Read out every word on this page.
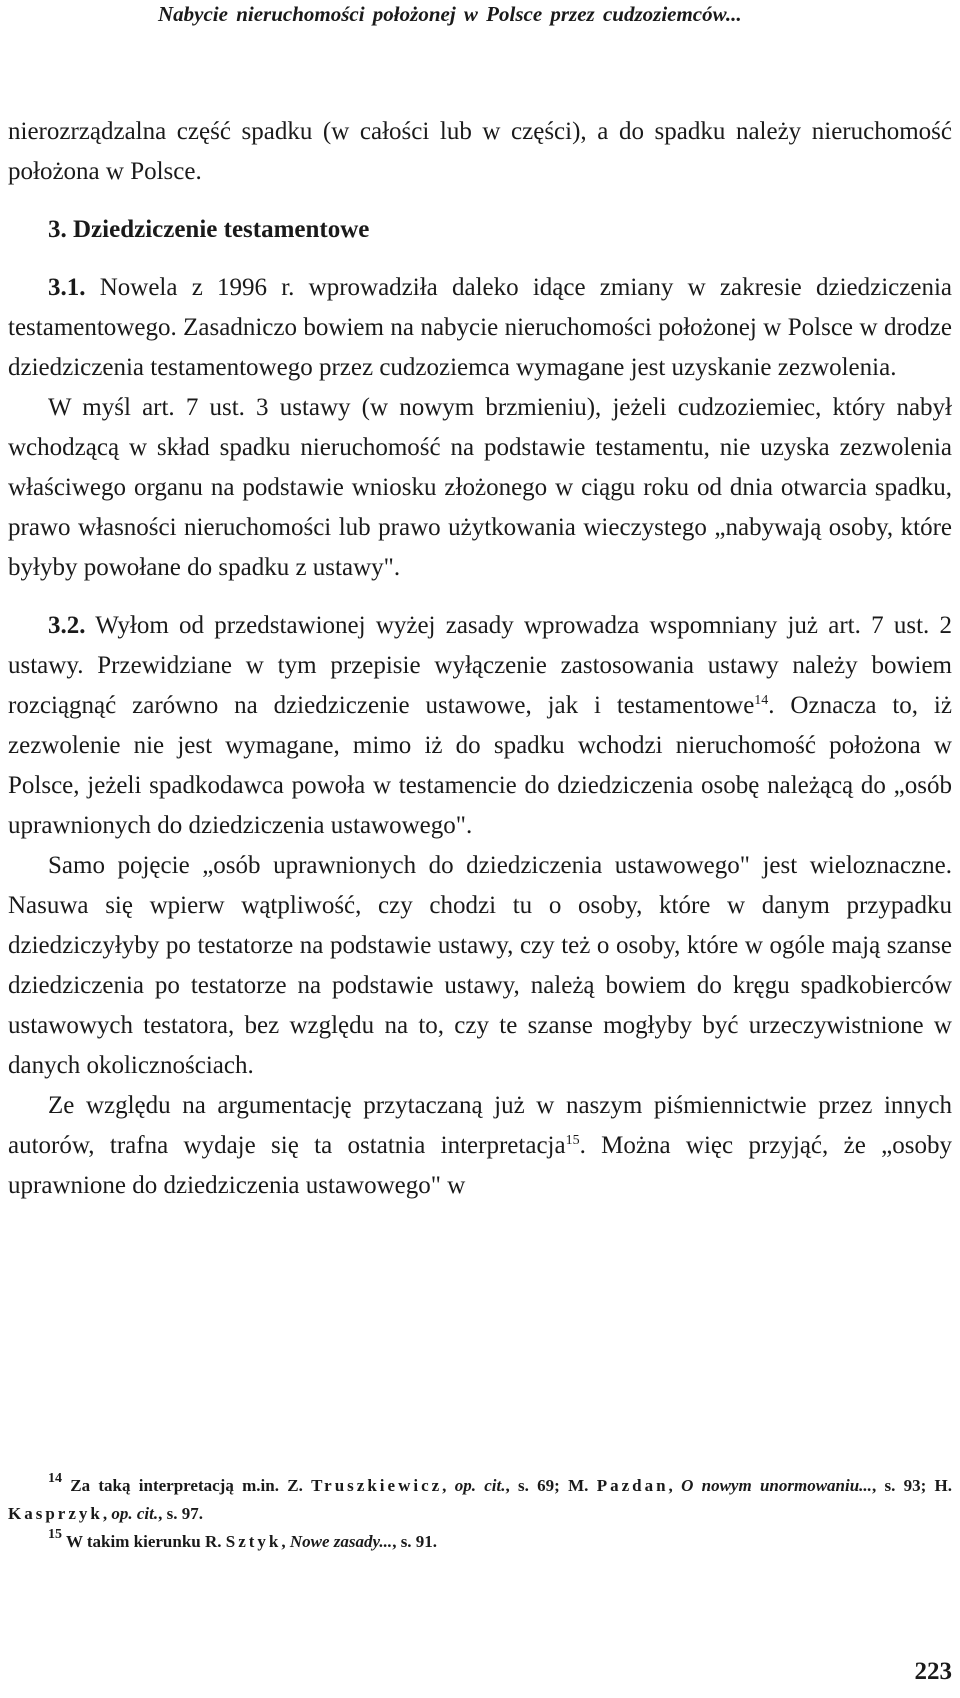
Nabycie nieruchomości położonej w Polsce przez cudzoziemców...

nierozrządzalna część spadku (w całości lub w części), a do spadku należy nieruchomość położona w Polsce.

3. Dziedziczenie testamentowe

3.1. Nowela z 1996 r. wprowadziła daleko idące zmiany w zakresie dziedziczenia testamentowego. Zasadniczo bowiem na nabycie nieruchomości położonej w Polsce w drodze dziedziczenia testamentowego przez cudzoziemca wymagane jest uzyskanie zezwolenia.

W myśl art. 7 ust. 3 ustawy (w nowym brzmieniu), jeżeli cudzoziemiec, który nabył wchodzącą w skład spadku nieruchomość na podstawie testamentu, nie uzyska zezwolenia właściwego organu na podstawie wniosku złożonego w ciągu roku od dnia otwarcia spadku, prawo własności nieruchomości lub prawo użytkowania wieczystego „nabywają osoby, które byłyby powołane do spadku z ustawy".

3.2. Wyłom od przedstawionej wyżej zasady wprowadza wspomniany już art. 7 ust. 2 ustawy. Przewidziane w tym przepisie wyłączenie zastosowania ustawy należy bowiem rozciągnąć zarówno na dziedziczenie ustawowe, jak i testamentowe$^{14}$. Oznacza to, iż zezwolenie nie jest wymagane, mimo iż do spadku wchodzi nieruchomość położona w Polsce, jeżeli spadkodawca powoła w testamencie do dziedziczenia osobę należącą do „osób uprawnionych do dziedziczenia ustawowego".

Samo pojęcie „osób uprawnionych do dziedziczenia ustawowego" jest wieloznaczne. Nasuwa się wpierw wątpliwość, czy chodzi tu o osoby, które w danym przypadku dziedziczyłyby po testatorze na podstawie ustawy, czy też o osoby, które w ogóle mają szanse dziedziczenia po testatorze na podstawie ustawy, należą bowiem do kręgu spadkobierców ustawowych testatora, bez względu na to, czy te szanse mogłyby być urzeczywistnione w danych okolicznościach.

Ze względu na argumentację przytaczaną już w naszym piśmiennictwie przez innych autorów, trafna wydaje się ta ostatnia interpretacja$^{15}$. Można więc przyjąć, że „osoby uprawnione do dziedziczenia ustawowego" w

$^{14}$ Za taką interpretacją m.in. Z. Truszkiewicz, op. cit., s. 69; M. Pazdan, O nowym unormowaniu..., s. 93; H. Kasprzyk, op. cit., s. 97.

$^{15}$ W takim kierunku R. Sztyk, Nowe zasady..., s. 91.

223
